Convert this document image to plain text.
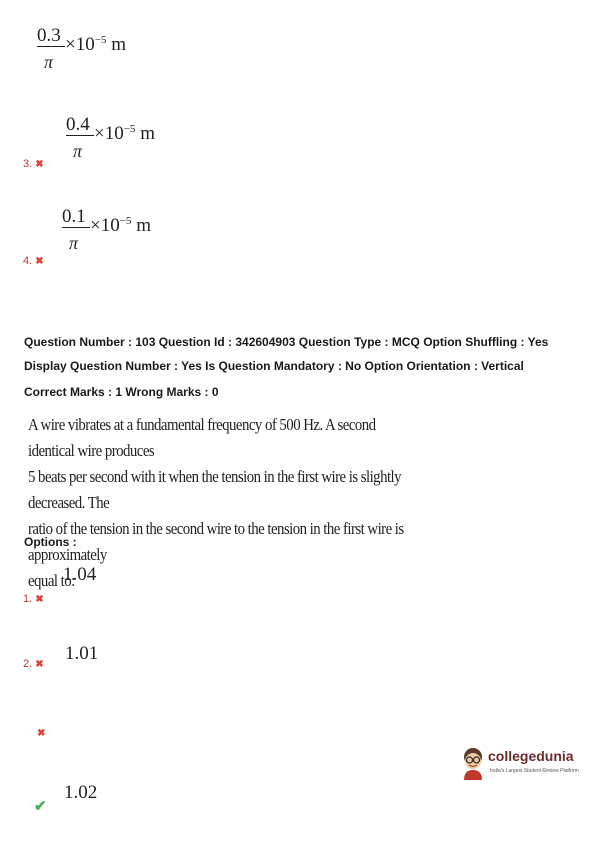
0.3
π
$\times 10^{-5}$ m
0.4
π
$\times 10^{-5}$ m
3. ✖
0.1
π
$\times 10^{-5}$ m
4. ✖
Question Number : 103 Question Id : 342604903 Question Type : MCQ Option Shuffling : Yes
Display Question Number : Yes Is Question Mandatory : No Option Orientation : Vertical
Correct Marks : 1 Wrong Marks : 0
A wire vibrates at a fundamental frequency of 500 Hz. A second identical wire produces
5 beats per second with it when the tension in the first wire is slightly decreased. The
ratio of the tension in the second wire to the tension in the first wire is approximately
equal to:
Options :
1.04
1. ✖
1.01
2. ✖
✖
1.02
✔
collegedunia
India's Largest Student Review Platform
